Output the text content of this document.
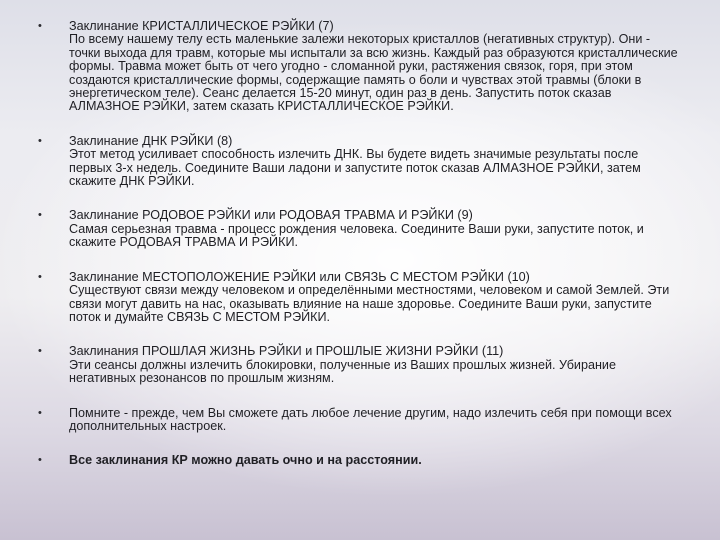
• Заклинание КРИСТАЛЛИЧЕСКОЕ РЭЙКИ (7)
По всему нашему телу есть маленькие залежи некоторых кристаллов (негативных структур). Они - точки выхода для травм, которые мы испытали за всю жизнь. Каждый раз образуются кристаллические формы. Травма может быть от чего угодно - сломанной руки, растяжения связок, горя, при этом создаются кристаллические формы, содержащие память о боли и чувствах этой травмы (блоки в энергетическом теле). Сеанс делается 15-20 минут, один раз в день. Запустить поток сказав АЛМАЗНОЕ РЭЙКИ, затем сказать КРИСТАЛЛИЧЕСКОЕ РЭЙКИ.
• Заклинание ДНК РЭЙКИ (8)
Этот метод усиливает способность излечить ДНК. Вы будете видеть значимые результаты после первых 3-х недель. Соедините Ваши ладони и запустите поток сказав АЛМАЗНОЕ РЭЙКИ, затем скажите ДНК РЭЙКИ.
• Заклинание РОДОВОЕ РЭЙКИ или РОДОВАЯ ТРАВМА И РЭЙКИ (9)
Самая серьезная травма - процесс рождения человека. Соедините Ваши руки, запустите поток, и скажите РОДОВАЯ ТРАВМА И РЭЙКИ.
• Заклинание МЕСТОПОЛОЖЕНИЕ РЭЙКИ или СВЯЗЬ С МЕСТОМ РЭЙКИ (10)
Существуют связи между человеком и определёнными местностями, человеком и самой Землей. Эти связи могут давить на нас, оказывать влияние на наше здоровье. Соедините Ваши руки, запустите поток и думайте СВЯЗЬ С МЕСТОМ РЭЙКИ.
• Заклинания ПРОШЛАЯ ЖИЗНЬ РЭЙКИ и ПРОШЛЫЕ ЖИЗНИ РЭЙКИ (11)
Эти сеансы должны излечить блокировки, полученные из Ваших прошлых жизней. Убирание негативных резонансов по прошлым жизням.
• Помните - прежде, чем Вы сможете дать любое лечение другим, надо излечить себя при помощи всех дополнительных настроек.
• Все заклинания КР можно давать очно и на расстоянии.
